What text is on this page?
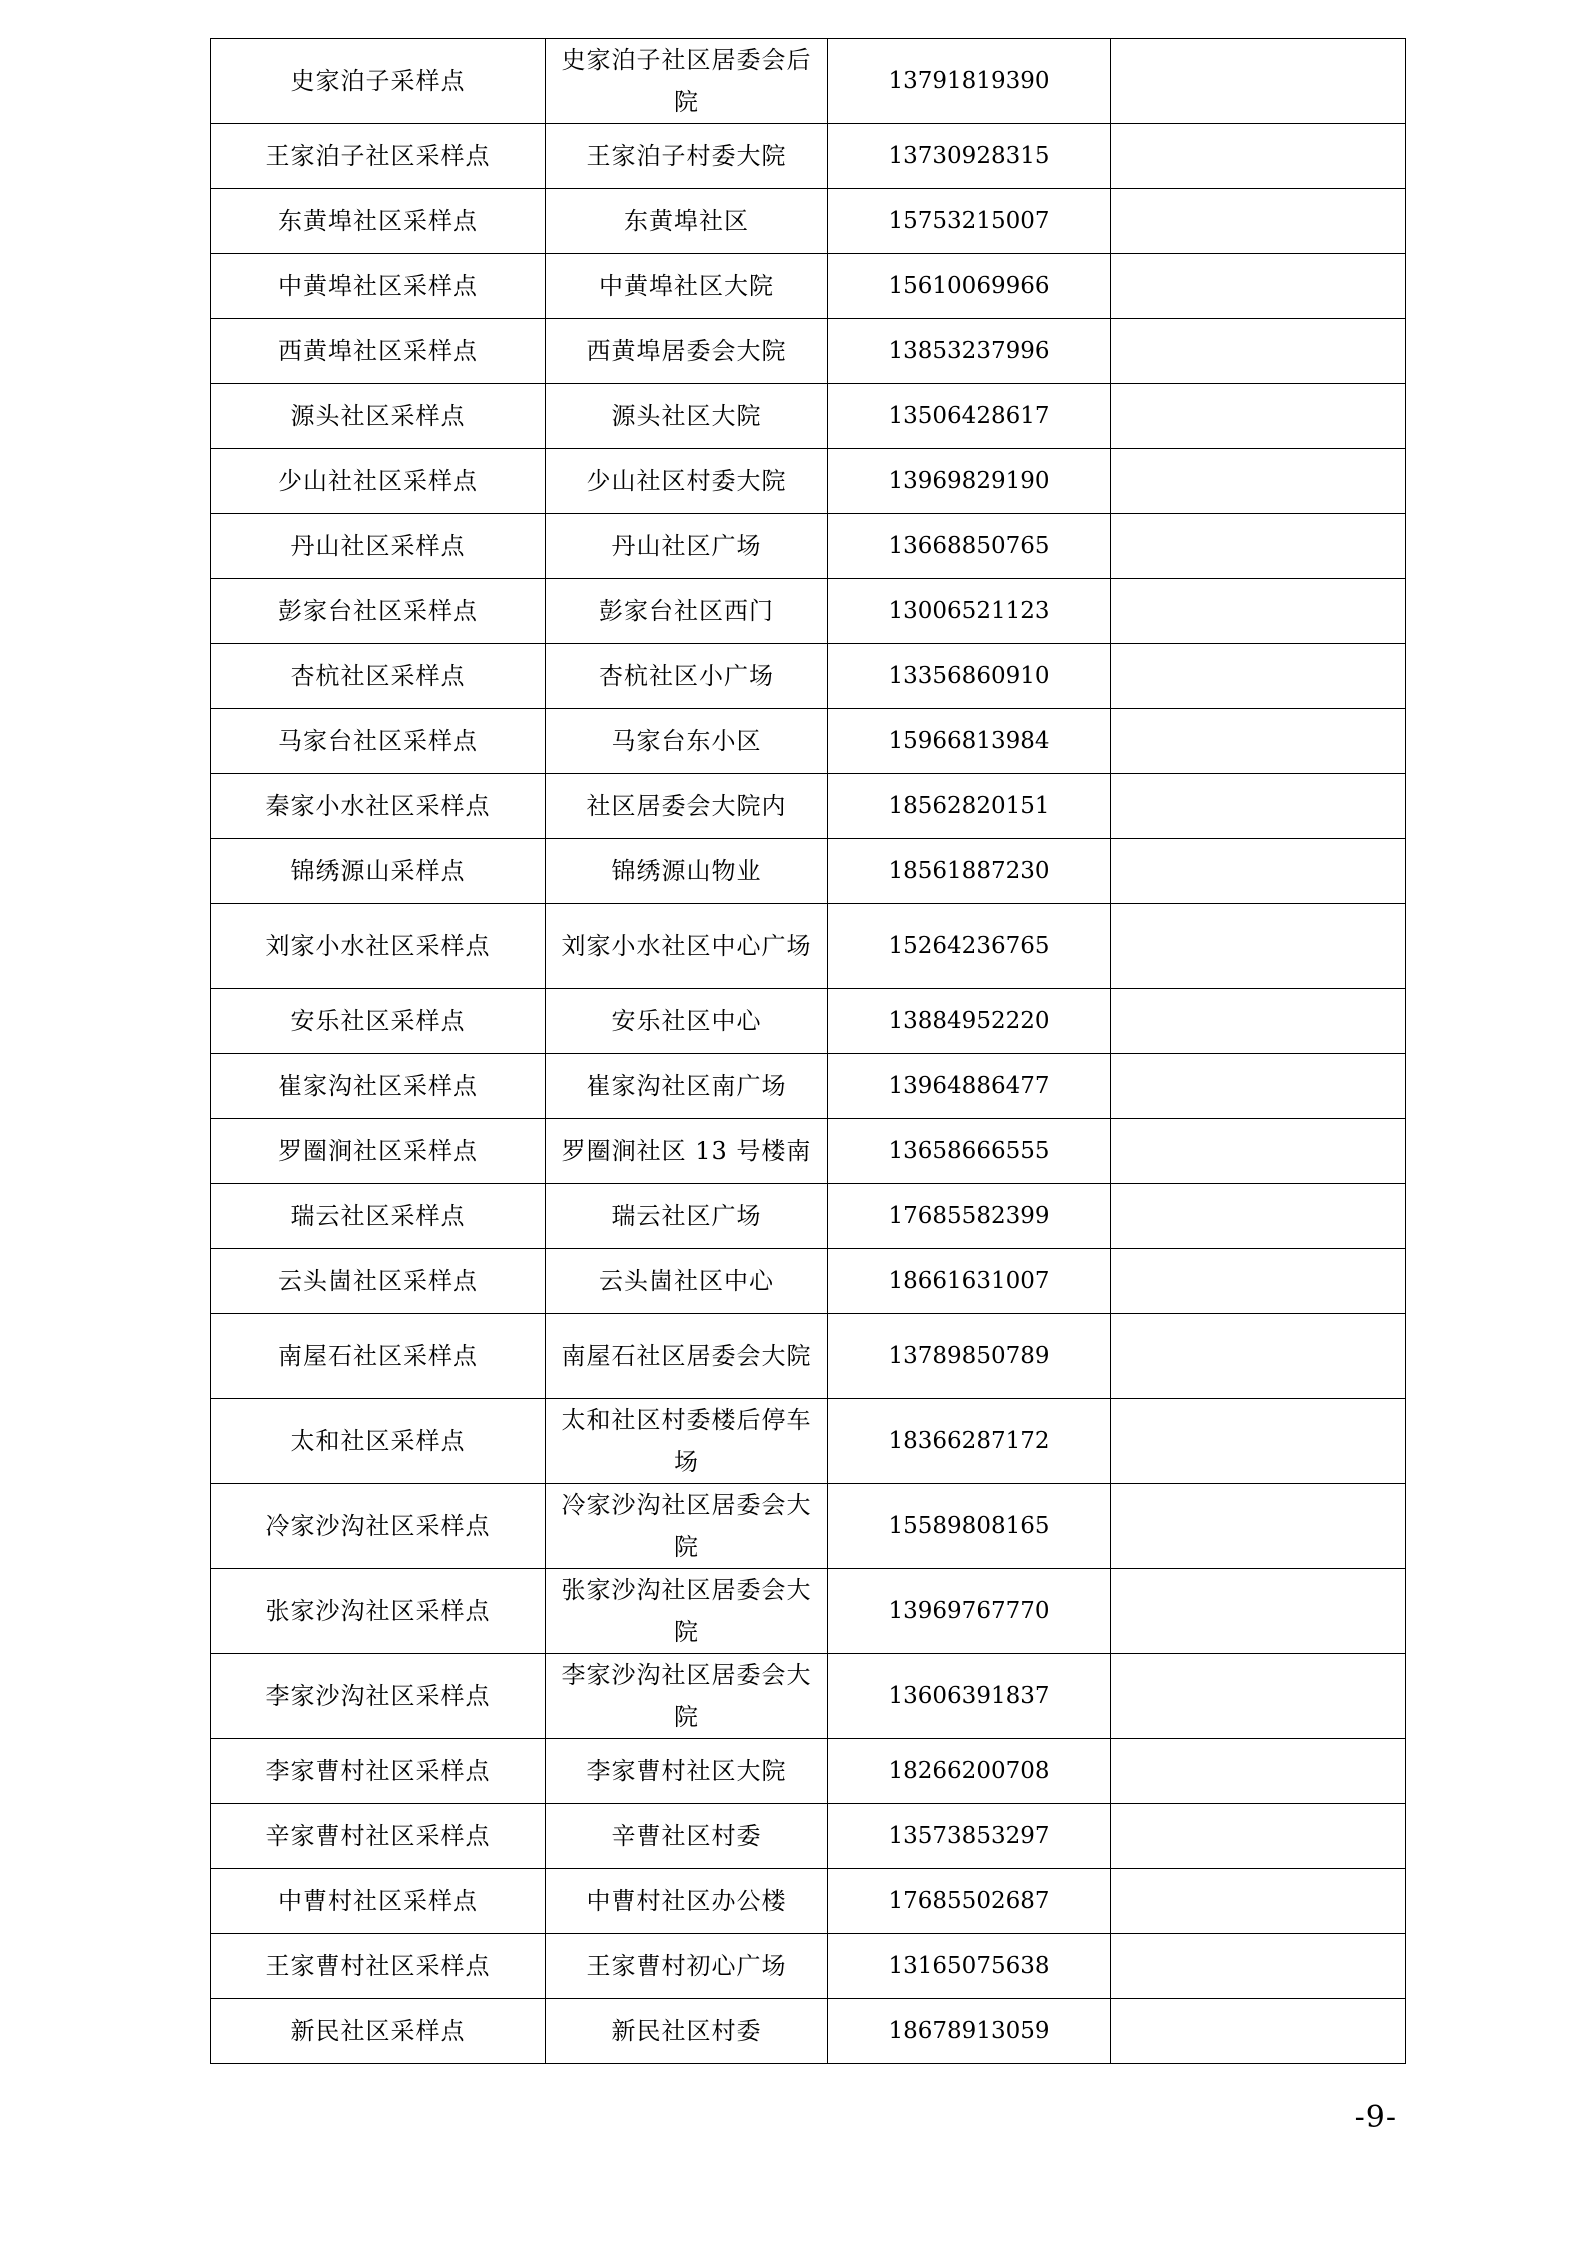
史家泊子采样点	史家泊子社区居委会后院	13791819390	
王家泊子社区采样点	王家泊子村委大院	13730928315	
东黄埠社区采样点	东黄埠社区	15753215007	
中黄埠社区采样点	中黄埠社区大院	15610069966	
西黄埠社区采样点	西黄埠居委会大院	13853237996	
源头社区采样点	源头社区大院	13506428617	
少山社社区采样点	少山社区村委大院	13969829190	
丹山社区采样点	丹山社区广场	13668850765	
彭家台社区采样点	彭家台社区西门	13006521123	
杏杭社区采样点	杏杭社区小广场	13356860910	
马家台社区采样点	马家台东小区	15966813984	
秦家小水社区采样点	社区居委会大院内	18562820151	
锦绣源山采样点	锦绣源山物业	18561887230	
刘家小水社区采样点	刘家小水社区中心广场	15264236765	
安乐社区采样点	安乐社区中心	13884952220	
崔家沟社区采样点	崔家沟社区南广场	13964886477	
罗圈涧社区采样点	罗圈涧社区 13 号楼南	13658666555	
瑞云社区采样点	瑞云社区广场	17685582399	
云头崮社区采样点	云头崮社区中心	18661631007	
南屋石社区采样点	南屋石社区居委会大院	13789850789	
太和社区采样点	太和社区村委楼后停车场	18366287172	
冷家沙沟社区采样点	冷家沙沟社区居委会大院	15589808165	
张家沙沟社区采样点	张家沙沟社区居委会大院	13969767770	
李家沙沟社区采样点	李家沙沟社区居委会大院	13606391837	
李家曹村社区采样点	李家曹村社区大院	18266200708	
辛家曹村社区采样点	辛曹社区村委	13573853297	
中曹村社区采样点	中曹村社区办公楼	17685502687	
王家曹村社区采样点	王家曹村初心广场	13165075638	
新民社区采样点	新民社区村委	18678913059	
-9-
